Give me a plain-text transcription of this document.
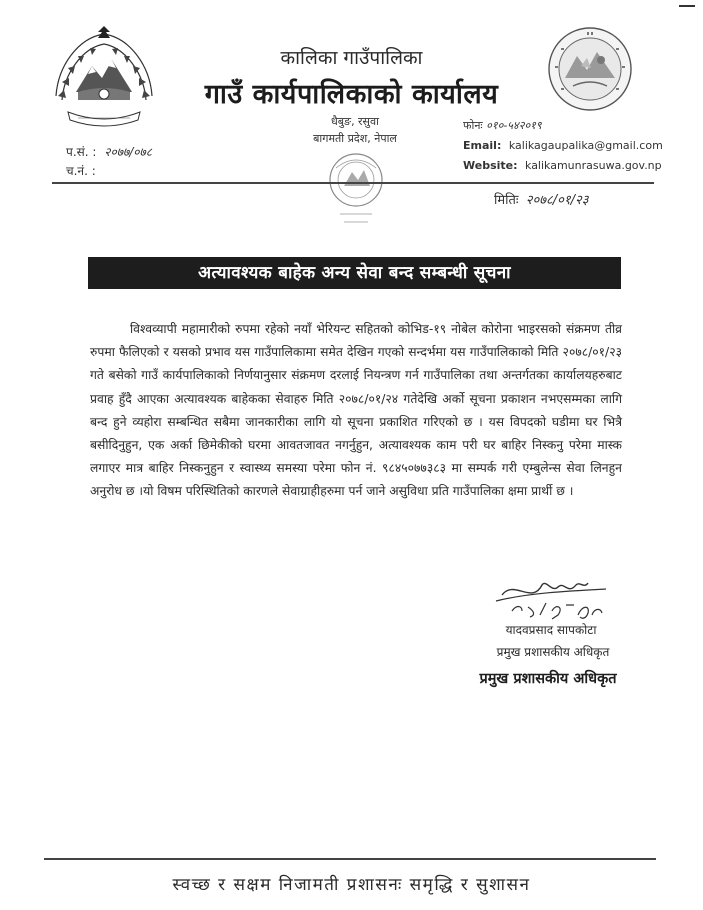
कालिका गाउँपालिका
गाउँ कार्यपालिकाको कार्यालय
धैबुङ, रसुवा
बागमती प्रदेश, नेपाल
प.सं. : २०७७/०७८
च.नं. :
फोनः ०१०-५४२०१९
Email: kalikagaupalika@gmail.com
Website: kalikamunrasuwa.gov.np
मितिः २०७८/०१/२३
अत्यावश्यक बाहेक अन्य सेवा बन्द सम्बन्धी सूचना
विश्वव्यापी महामारीको रुपमा रहेको नयाँ भेरियन्ट सहितको कोभिड-१९ नोबेल कोरोना भाइरसको संक्रमण तीव्र रुपमा फैलिएको र यसको प्रभाव यस गाउँपालिकामा समेत देखिन गएको सन्दर्भमा यस गाउँपालिकाको मिति २०७८/०१/२३ गते बसेको गाउँ कार्यपालिकाको निर्णयानुसार संक्रमण दरलाई नियन्त्रण गर्न गाउँपालिका तथा अन्तर्गतका कार्यालयहरुबाट प्रवाह हुँदै आएका अत्यावश्यक बाहेकका सेवाहरु मिति २०७८/०१/२४ गतेदेखि अर्को सूचना प्रकाशन नभएसम्मका लागि बन्द हुने व्यहोरा सम्बन्धित सबैमा जानकारीका लागि यो सूचना प्रकाशित गरिएको छ । यस विपदको घडीमा घर भित्रै बसीदिनुहुन, एक अर्का छिमेकीको घरमा आवतजावत नगर्नुहुन, अत्यावश्यक काम परी घर बाहिर निस्कनु परेमा मास्क लगाएर मात्र बाहिर निस्कनुहुन र स्वास्थ्य समस्या परेमा फोन नं. ९८४५०७७३८३ मा सम्पर्क गरी एम्बुलेन्स सेवा लिनहुन अनुरोध छ ।यो विषम परिस्थितिको कारणले सेवाग्राहीहरुमा पर्न जाने असुविधा प्रति गाउँपालिका क्षमा प्रार्थी छ ।
यादवप्रसाद सापकोटा
प्रमुख प्रशासकीय अधिकृत
प्रमुख प्रशासकीय अधिकृत
स्वच्छ र सक्षम निजामती प्रशासनः समृद्धि र सुशासन
